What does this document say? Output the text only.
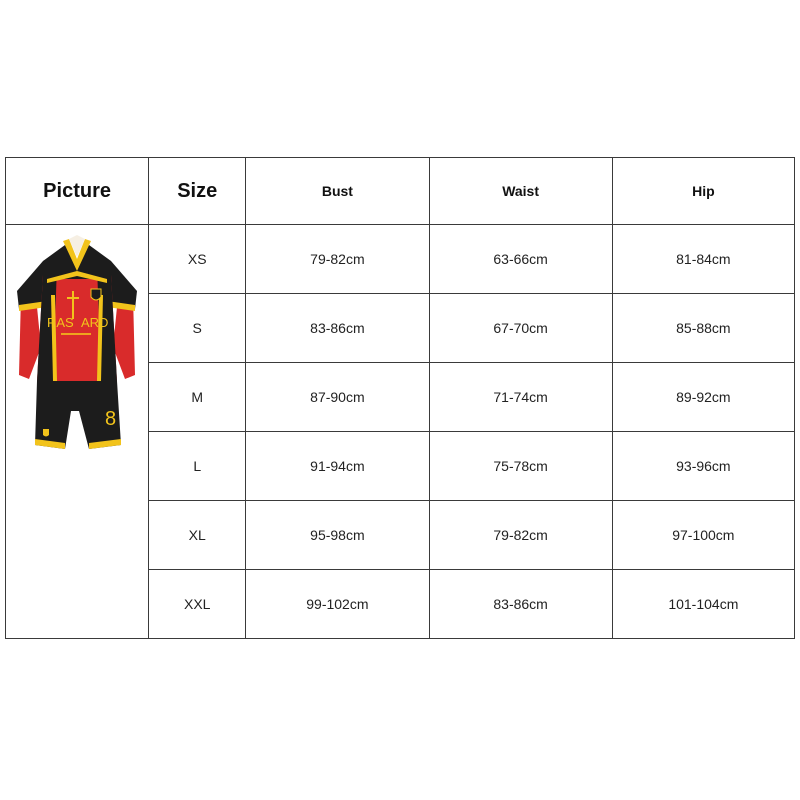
Picture	Size	Bust	Waist	Hip

RAS ARD
8	XS	79-82cm	63-66cm	81-84cm
	S	83-86cm	67-70cm	85-88cm
	M	87-90cm	71-74cm	89-92cm
	L	91-94cm	75-78cm	93-96cm
	XL	95-98cm	79-82cm	97-100cm
	XXL	99-102cm	83-86cm	101-104cm
